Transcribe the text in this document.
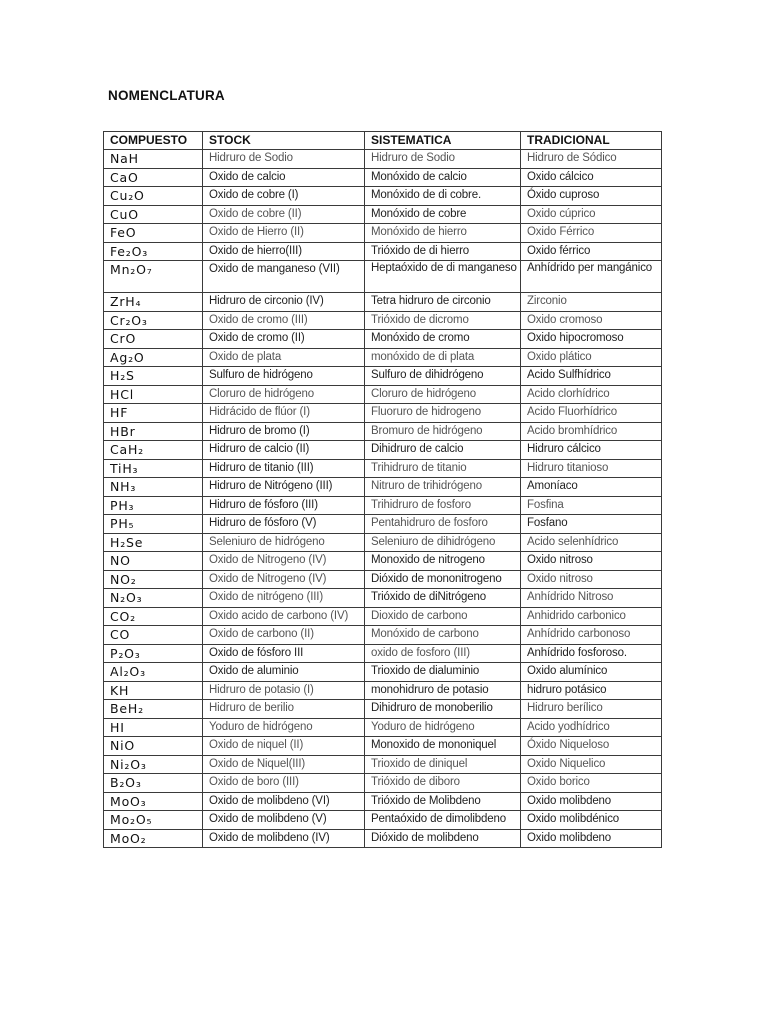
NOMENCLATURA
COMPUESTO	STOCK	SISTEMATICA	TRADICIONAL
NaH	Hidruro de Sodio	Hidruro de Sodio	Hidruro de Sódico
CaO	Oxido de calcio	Monóxido de calcio	Oxido cálcico
Cu₂O	Oxido de cobre (I)	Monóxido de di cobre.	Óxido cuproso
CuO	Oxido de cobre (II)	Monóxido de cobre	Oxido cúprico
FeO	Oxido de Hierro (II)	Monóxido de hierro	Oxido Férrico
Fe₂O₃	Oxido de hierro(III)	Trióxido de di hierro	Oxido férrico
Mn₂O₇	Oxido de manganeso (VII)	Heptaóxido de di manganeso	Anhídrido per mangánico
ZrH₄	Hidruro de circonio (IV)	Tetra hidruro de circonio	Zirconio
Cr₂O₃	Oxido de cromo (III)	Trióxido de dicromo	Oxido cromoso
CrO	Oxido de cromo (II)	Monóxido de cromo	Oxido hipocromoso
Ag₂O	Oxido de plata	monóxido de di plata	Oxido plático
H₂S	Sulfuro de hidrógeno	Sulfuro de dihidrógeno	Acido Sulfhídrico
HCl	Cloruro de hidrógeno	Cloruro de hidrógeno	Acido clorhídrico
HF	Hidrácido de flúor (I)	Fluoruro de hidrogeno	Acido Fluorhídrico
HBr	Hidruro de bromo (I)	Bromuro de hidrógeno	Acido bromhídrico
CaH₂	Hidruro de calcio (II)	Dihidruro de calcio	Hidruro cálcico
TiH₃	Hidruro de titanio (III)	Trihidruro de titanio	Hidruro titanioso
NH₃	Hidruro de Nitrógeno (III)	Nitruro de trihidrógeno	Amoníaco
PH₃	Hidruro de fósforo (III)	Trihidruro de fosforo	Fosfina
PH₅	Hidruro de fósforo (V)	Pentahidruro de fosforo	Fosfano
H₂Se	Seleniuro de hidrógeno	Seleniuro de dihidrógeno	Acido selenhídrico
NO	Oxido de Nitrogeno (IV)	Monoxido de nitrogeno	Oxido nitroso
NO₂	Oxido de Nitrogeno (IV)	Dióxido de mononitrogeno	Oxido nitroso
N₂O₃	Oxido de nitrógeno (III)	Trióxido de diNitrógeno	Anhídrido Nitroso
CO₂	Oxido acido de carbono (IV)	Dioxido de carbono	Anhidrido carbonico
CO	Oxido de carbono (II)	Monóxido de carbono	Anhídrido carbonoso
P₂O₃	Oxido de fósforo III	oxido de fosforo (III)	Anhídrido fosforoso.
Al₂O₃	Oxido de aluminio	Trioxido de dialuminio	Oxido alumínico
KH	Hidruro de potasio (I)	monohidruro de potasio	hidruro potásico
BeH₂	Hidruro de berilio	Dihidruro de monoberilio	Hidruro berílico
HI	Yoduro de hidrógeno	Yoduro de hidrógeno	Acido yodhídrico
NiO	Oxido de niquel (II)	Monoxido de mononiquel	Óxido Niqueloso
Ni₂O₃	Oxido de Niquel(III)	Trioxido de diniquel	Oxido Niquelico
B₂O₃	Oxido de boro (III)	Trióxido de diboro	Oxido borico
MoO₃	Oxido de molibdeno (VI)	Trióxido de Molibdeno	Oxido molibdeno
Mo₂O₅	Oxido de molibdeno (V)	Pentaóxido de dimolibdeno	Oxido molibdénico
MoO₂	Oxido de molibdeno (IV)	Dióxido de molibdeno	Oxido molibdeno
